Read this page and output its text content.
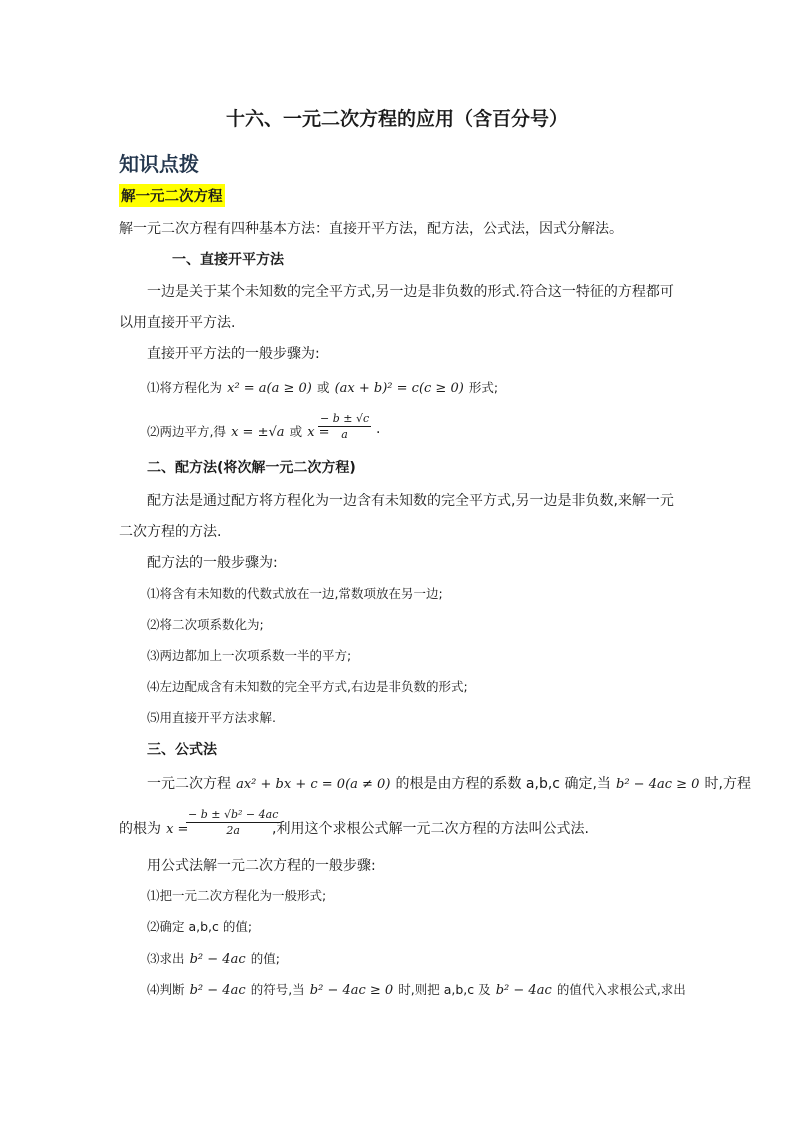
十六、一元二次方程的应用（含百分号）
知识点拨
解一元二次方程
解一元二次方程有四种基本方法：直接开平方法，配方法，公式法，因式分解法。
一、直接开平方法
一边是关于某个未知数的完全平方式,另一边是非负数的形式.符合这一特征的方程都可
以用直接开平方法.
直接开平方法的一般步骤为:
⑴将方程化为 x² = a(a ≥ 0) 或 (ax + b)² = c(c ≥ 0) 形式;
⑵两边平方,得 x = ±√a 或 x =
$\frac{- b \pm √c}{a}$ .
二、配方法(将次解一元二次方程)
配方法是通过配方将方程化为一边含有未知数的完全平方式,另一边是非负数,来解一元
二次方程的方法.
配方法的一般步骤为:
⑴将含有未知数的代数式放在一边,常数项放在另一边;
⑵将二次项系数化为;
⑶两边都加上一次项系数一半的平方;
⑷左边配成含有未知数的完全平方式,右边是非负数的形式;
⑸用直接开平方法求解.
三、公式法
一元二次方程 ax² + bx + c = 0(a ≠ 0) 的根是由方程的系数 a,b,c 确定,当 b² − 4ac ≥ 0 时,方程
的根为 x =
$\frac{\text{− b ± √b² − 4ac}}{2a}$
,利用这个求根公式解一元二次方程的方法叫公式法.
用公式法解一元二次方程的一般步骤:
⑴把一元二次方程化为一般形式;
⑵确定 a,b,c 的值;
⑶求出 b² − 4ac 的值;
⑷判断 b² − 4ac 的符号,当 b² − 4ac ≥ 0 时,则把 a,b,c 及 b² − 4ac 的值代入求根公式,求出
